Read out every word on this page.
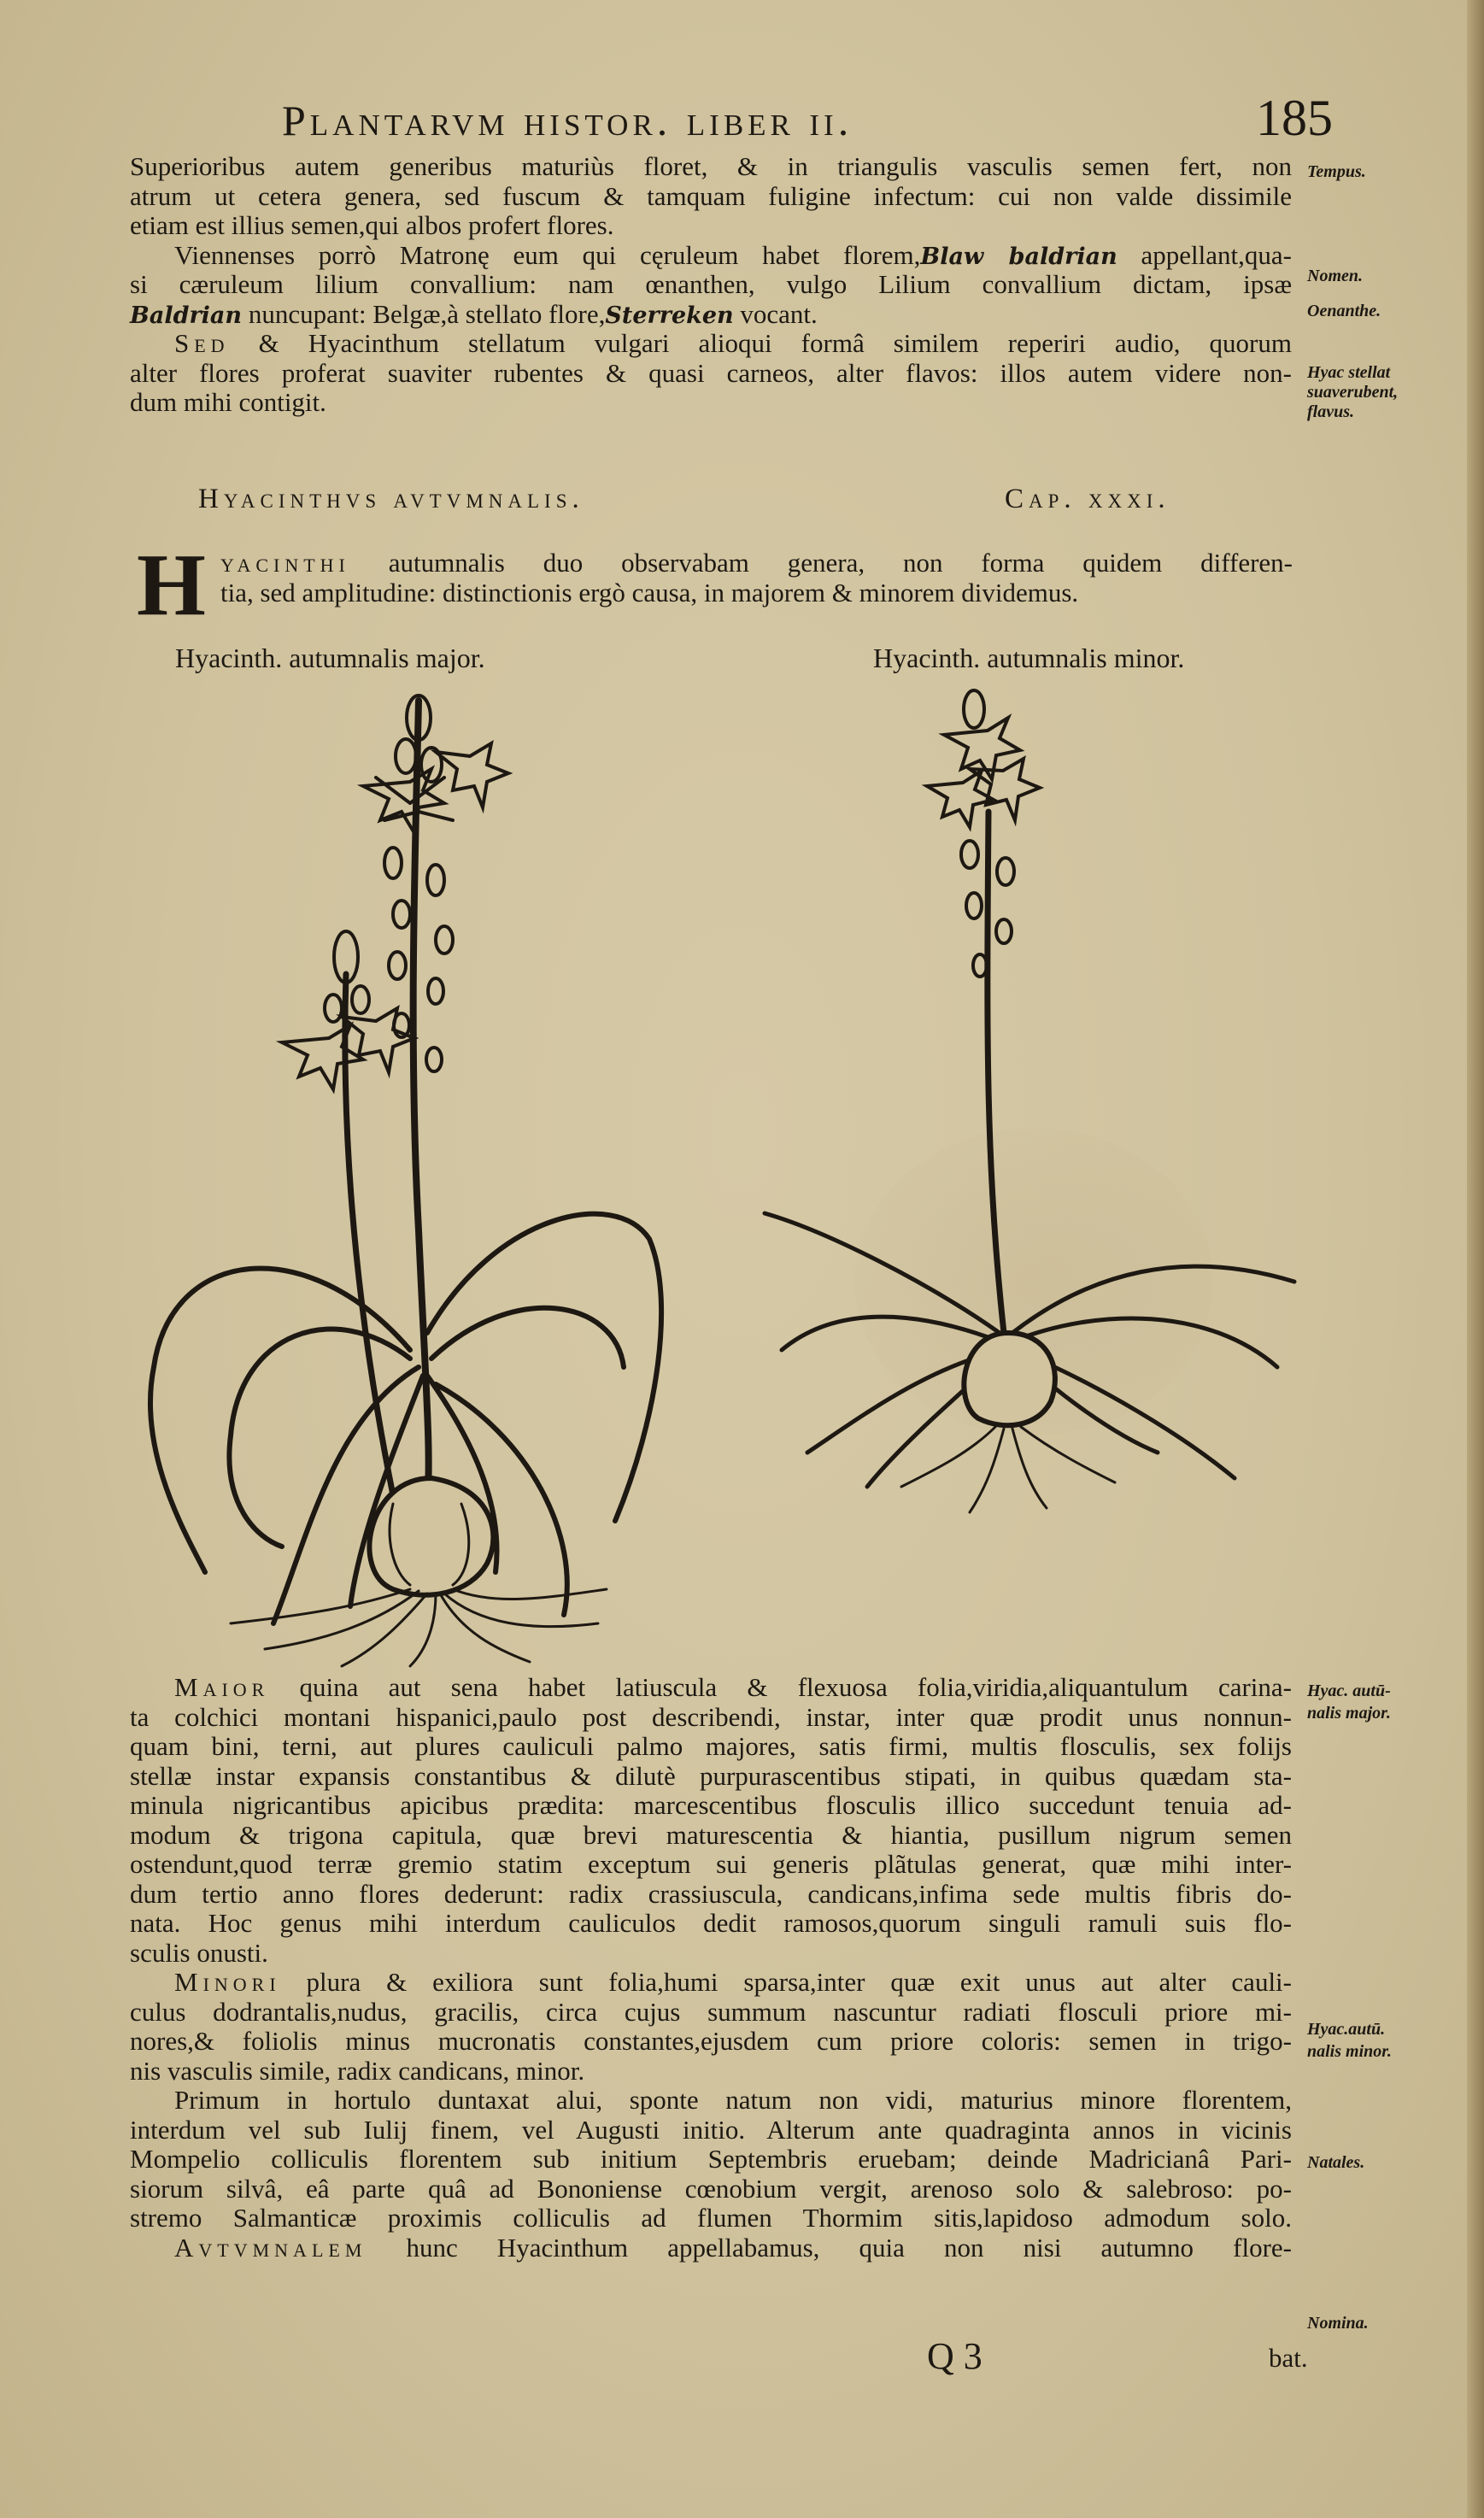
Plantarvm histor. liber ii.	185
Superioribus autem generibus maturiùs floret, & in triangulis vasculis semen fert, non
atrum ut cetera genera, sed fuscum & tamquam fuligine infectum: cui non valde dissimile
etiam est illius semen,qui albos profert flores.
Viennenses porrò Matronę eum qui cęruleum habet florem,Blaw baldrian appellant,qua-
si cæruleum lilium convallium: nam œnanthen, vulgo Lilium convallium dictam, ipsæ
Baldrian nuncupant: Belgæ,à stellato flore,Sterreken vocant.
Sed & Hyacinthum stellatum vulgari alioqui formâ similem reperiri audio, quorum
alter flores proferat suaviter rubentes & quasi carneos, alter flavos: illos autem videre non-
dum mihi contigit.
Tempus.
Nomen.
Oenanthe.
Hyac stellat
suaverubent,
flavus.
Hyac. autū-
nalis major.
Hyac.autū.
nalis minor.
Natales.
Nomina.
Hyacinthvs avtvmnalis.	Cap. xxxi.
H yacinthi autumnalis duo observabam genera, non forma quidem differen-
tia, sed amplitudine: distinctionis ergò causa, in majorem & minorem dividemus.
Hyacinth. autumnalis major.	Hyacinth. autumnalis minor.
Maior quina aut sena habet latiuscula & flexuosa folia,viridia,aliquantulum carina-
ta colchici montani hispanici,paulo post describendi, instar, inter quæ prodit unus nonnun-
quam bini, terni, aut plures cauliculi palmo majores, satis firmi, multis flosculis, sex folijs
stellæ instar expansis constantibus & dilutè purpurascentibus stipati, in quibus quædam sta-
minula nigricantibus apicibus prædita: marcescentibus flosculis illico succedunt tenuia ad-
modum & trigona capitula, quæ brevi maturescentia & hiantia, pusillum nigrum semen
ostendunt,quod terræ gremio statim exceptum sui generis plãtulas generat, quæ mihi inter-
dum tertio anno flores dederunt: radix crassiuscula, candicans,infima sede multis fibris do-
nata. Hoc genus mihi interdum cauliculos dedit ramosos,quorum singuli ramuli suis flo-
sculis onusti.
Minori plura & exiliora sunt folia,humi sparsa,inter quæ exit unus aut alter cauli-
culus dodrantalis,nudus, gracilis, circa cujus summum nascuntur radiati flosculi priore mi-
nores,& foliolis minus mucronatis constantes,ejusdem cum priore coloris: semen in trigo-
nis vasculis simile, radix candicans, minor.
Primum in hortulo duntaxat alui, sponte natum non vidi, maturius minore florentem,
interdum vel sub Iulij finem, vel Augusti initio. Alterum ante quadraginta annos in vicinis
Mompelio colliculis florentem sub initium Septembris eruebam; deinde Madricianâ Pari-
siorum silvâ, eâ parte quâ ad Bononiense cœnobium vergit, arenoso solo & salebroso: po-
stremo Salmanticæ proximis colliculis ad flumen Thormim sitis,lapidoso admodum solo.
Avtvmnalem hunc Hyacinthum appellabamus, quia non nisi autumno flore-
Q 3	bat.
